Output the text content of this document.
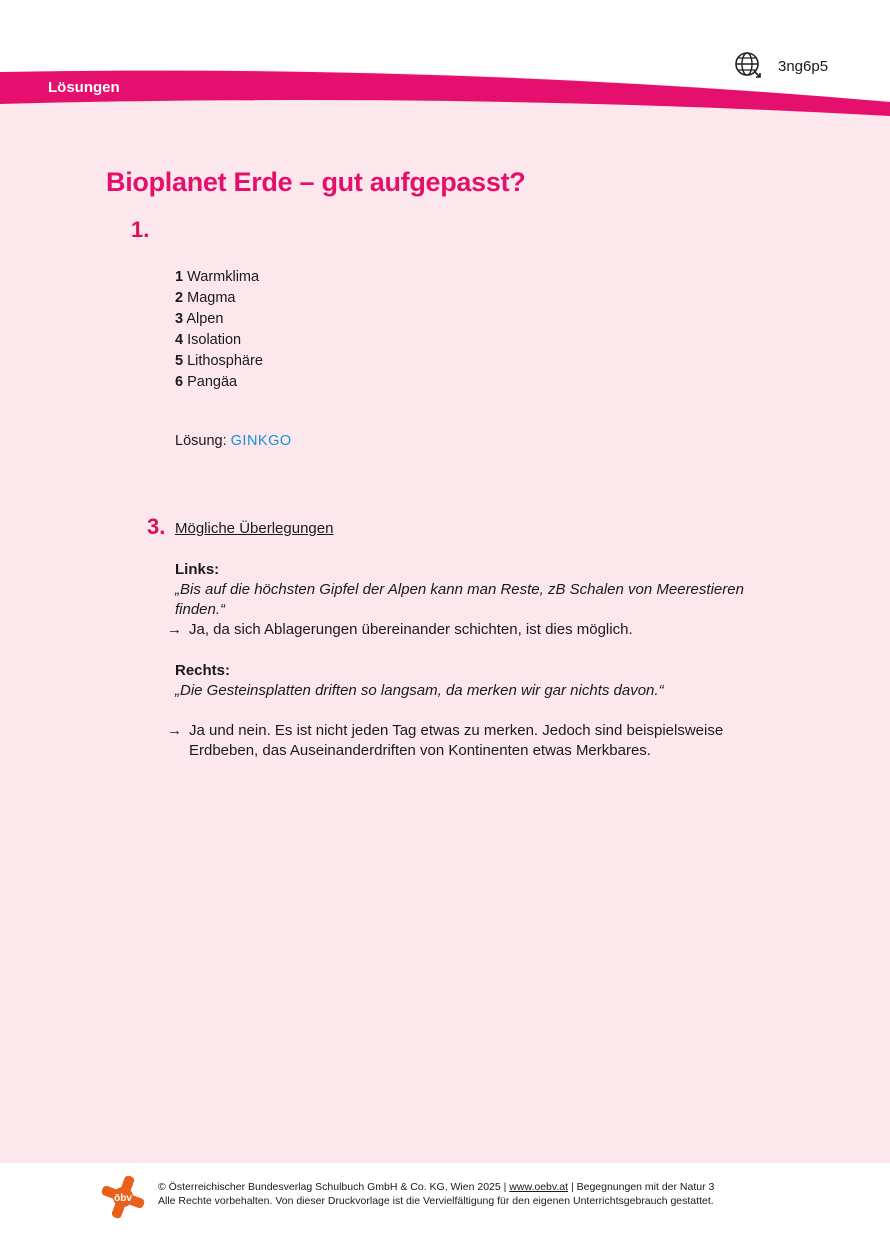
3ng6p5
Lösungen
Bioplanet Erde – gut aufgepasst?
1.
1 Warmklima
2 Magma
3 Alpen
4 Isolation
5 Lithosphäre
6 Pangäa
Lösung: GINKGO
3. Mögliche Überlegungen
Links:
„Bis auf die höchsten Gipfel der Alpen kann man Reste, zB Schalen von Meerestieren finden.“
→ Ja, da sich Ablagerungen übereinander schichten, ist dies möglich.
Rechts:
„Die Gesteinsplatten driften so langsam, da merken wir gar nichts davon.“
→ Ja und nein. Es ist nicht jeden Tag etwas zu merken. Jedoch sind beispielsweise Erdbeben, das Auseinanderdriften von Kontinenten etwas Merkbares.
öbv
© Österreichischer Bundesverlag Schulbuch GmbH & Co. KG, Wien 2025 | www.oebv.at | Begegnungen mit der Natur 3
Alle Rechte vorbehalten. Von dieser Druckvorlage ist die Vervielfältigung für den eigenen Unterrichtsgebrauch gestattet.
